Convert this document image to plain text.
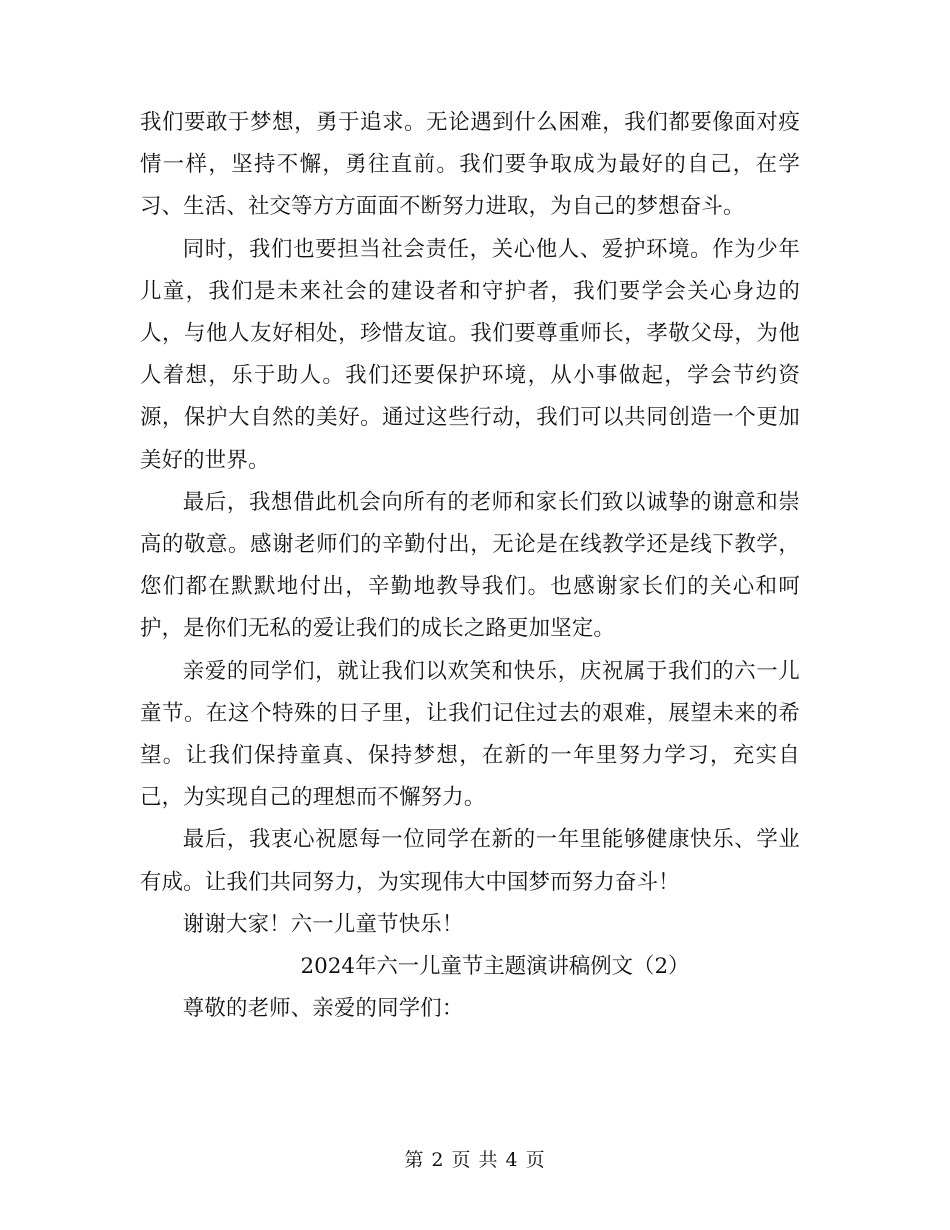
我们要敢于梦想，勇于追求。无论遇到什么困难，我们都要像面对疫情一样，坚持不懈，勇往直前。我们要争取成为最好的自己，在学习、生活、社交等方方面面不断努力进取，为自己的梦想奋斗。

同时，我们也要担当社会责任，关心他人、爱护环境。作为少年儿童，我们是未来社会的建设者和守护者，我们要学会关心身边的人，与他人友好相处，珍惜友谊。我们要尊重师长，孝敬父母，为他人着想，乐于助人。我们还要保护环境，从小事做起，学会节约资源，保护大自然的美好。通过这些行动，我们可以共同创造一个更加美好的世界。

最后，我想借此机会向所有的老师和家长们致以诚挚的谢意和崇高的敬意。感谢老师们的辛勤付出，无论是在线教学还是线下教学，您们都在默默地付出，辛勤地教导我们。也感谢家长们的关心和呵护，是你们无私的爱让我们的成长之路更加坚定。

亲爱的同学们，就让我们以欢笑和快乐，庆祝属于我们的六一儿童节。在这个特殊的日子里，让我们记住过去的艰难，展望未来的希望。让我们保持童真、保持梦想，在新的一年里努力学习，充实自己，为实现自己的理想而不懈努力。

最后，我衷心祝愿每一位同学在新的一年里能够健康快乐、学业有成。让我们共同努力，为实现伟大中国梦而努力奋斗！

谢谢大家！六一儿童节快乐！

2024年六一儿童节主题演讲稿例文（2）

尊敬的老师、亲爱的同学们：

第 2 页 共 4 页
